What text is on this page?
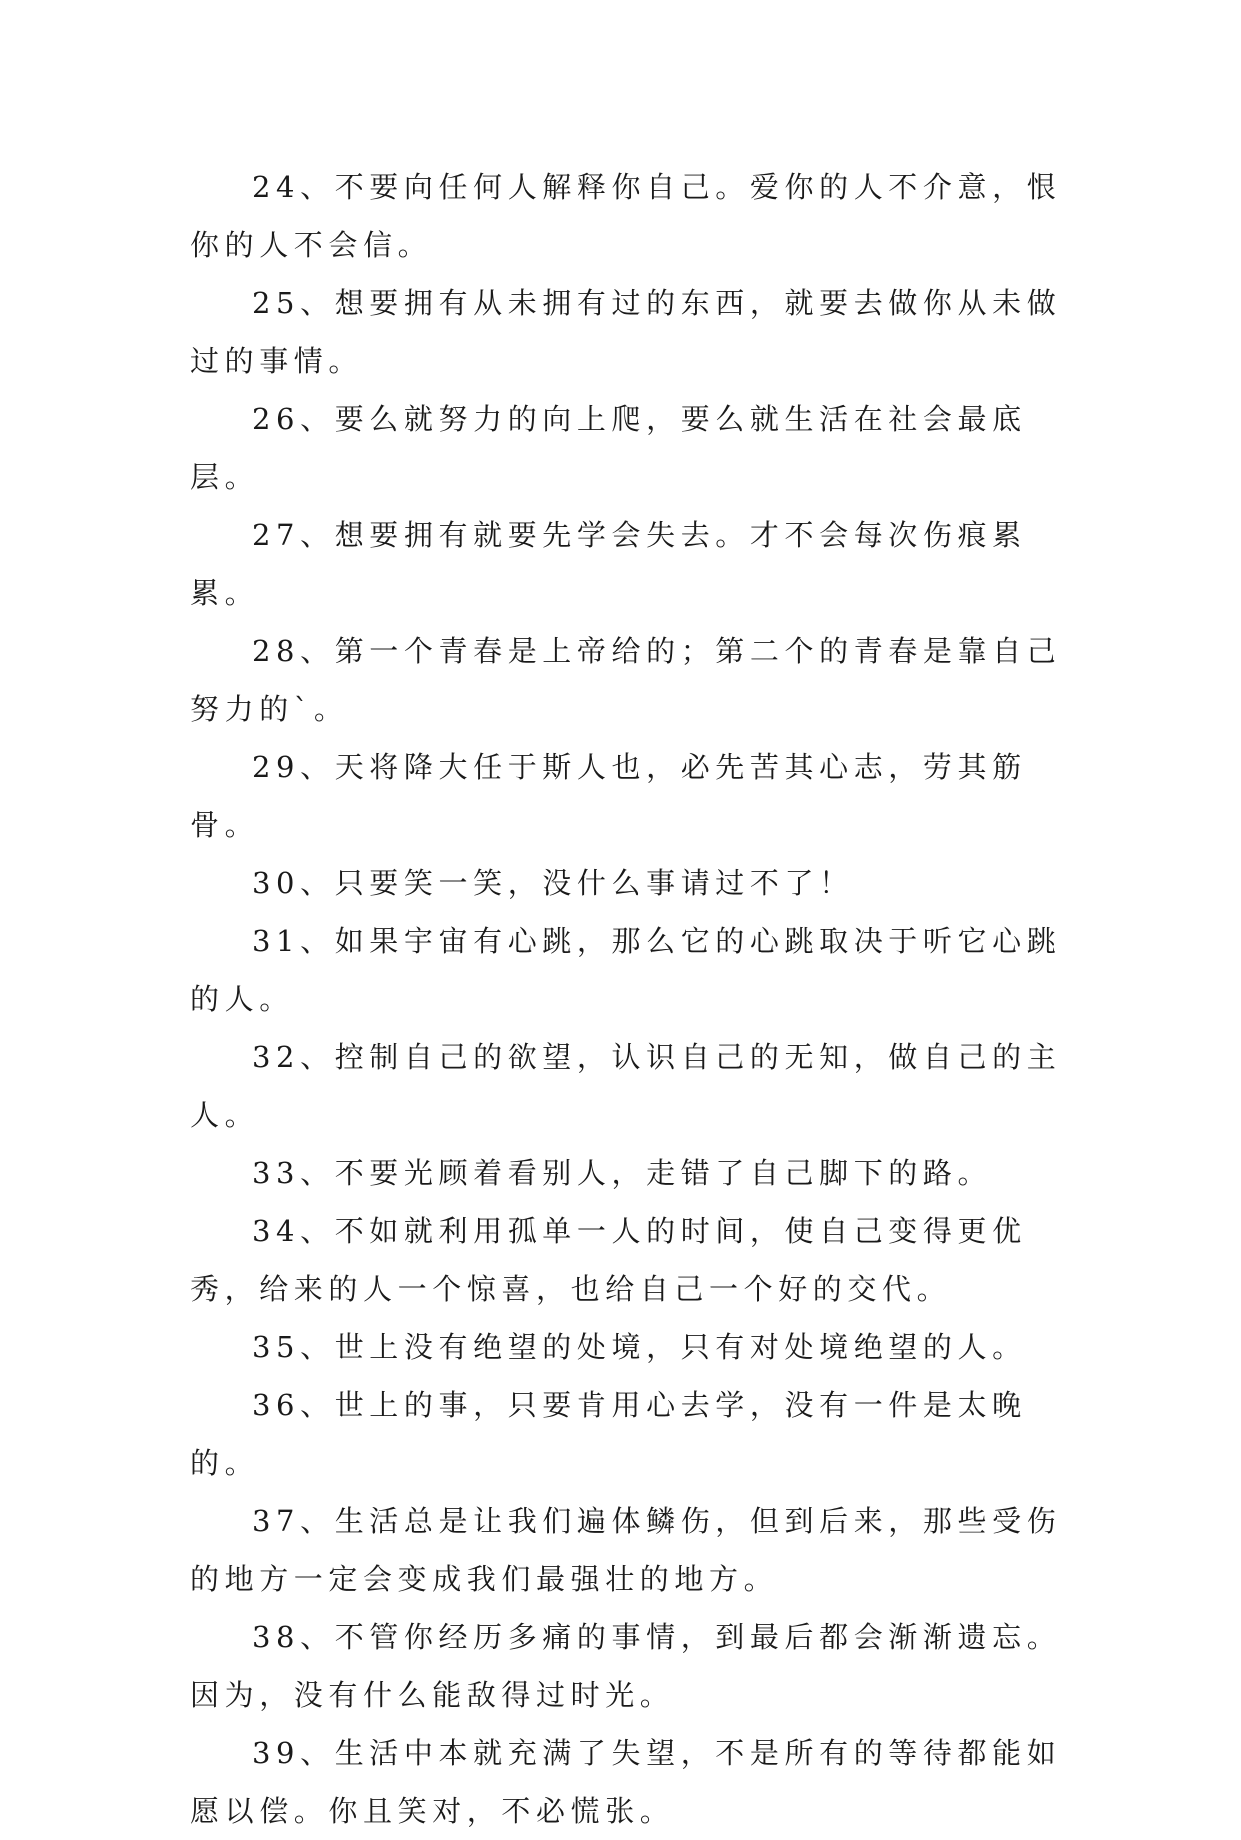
24、不要向任何人解释你自己。爱你的人不介意，恨你的人不会信。

25、想要拥有从未拥有过的东西，就要去做你从未做过的事情。

26、要么就努力的向上爬，要么就生活在社会最底层。

27、想要拥有就要先学会失去。才不会每次伤痕累累。

28、第一个青春是上帝给的；第二个的青春是靠自己努力的`。

29、天将降大任于斯人也，必先苦其心志，劳其筋骨。

30、只要笑一笑，没什么事请过不了！

31、如果宇宙有心跳，那么它的心跳取决于听它心跳的人。

32、控制自己的欲望，认识自己的无知，做自己的主人。

33、不要光顾着看别人，走错了自己脚下的路。

34、不如就利用孤单一人的时间，使自己变得更优秀，给来的人一个惊喜，也给自己一个好的交代。

35、世上没有绝望的处境，只有对处境绝望的人。

36、世上的事，只要肯用心去学，没有一件是太晚的。

37、生活总是让我们遍体鳞伤，但到后来，那些受伤的地方一定会变成我们最强壮的地方。

38、不管你经历多痛的事情，到最后都会渐渐遗忘。因为，没有什么能敌得过时光。

39、生活中本就充满了失望，不是所有的等待都能如愿以偿。你且笑对，不必慌张。
